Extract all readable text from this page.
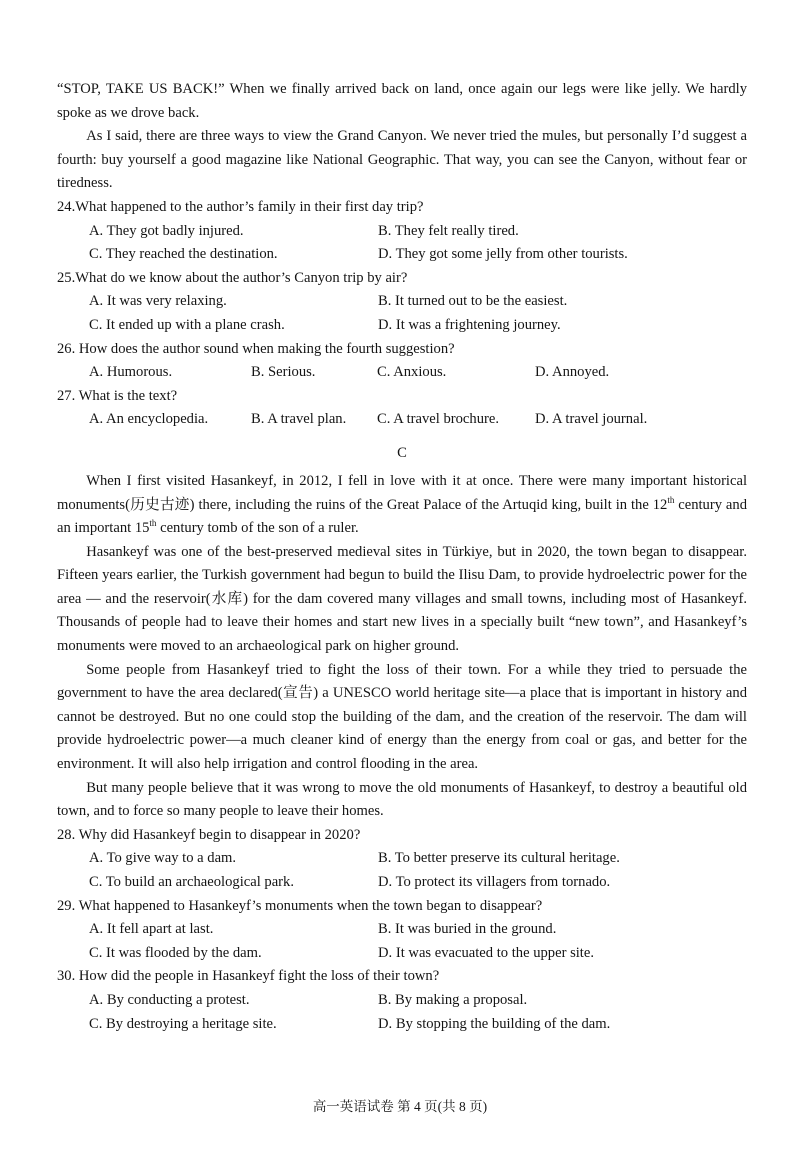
“STOP, TAKE US BACK!” When we finally arrived back on land, once again our legs were like jelly. We hardly spoke as we drove back.

As I said, there are three ways to view the Grand Canyon. We never tried the mules, but personally I’d suggest a fourth: buy yourself a good magazine like National Geographic. That way, you can see the Canyon, without fear or tiredness.

24.What happened to the author’s family in their first day trip?

A. They got badly injured.	B. They felt really tired.
C. They reached the destination.	D. They got some jelly from other tourists.

25.What do we know about the author’s Canyon trip by air?

A. It was very relaxing.	B. It turned out to be the easiest.
C. It ended up with a plane crash.	D. It was a frightening journey.

26. How does the author sound when making the fourth suggestion?

A. Humorous.	B. Serious.	C. Anxious.	D. Annoyed.

27. What is the text?

A. An encyclopedia.	B. A travel plan.	C. A travel brochure.	D. A travel journal.
C

When I first visited Hasankeyf, in 2012, I fell in love with it at once. There were many important historical monuments(历史古迹) there, including the ruins of the Great Palace of the Artuqid king, built in the 12th century and an important 15th century tomb of the son of a ruler.

Hasankeyf was one of the best-preserved medieval sites in Türkiye, but in 2020, the town began to disappear. Fifteen years earlier, the Turkish government had begun to build the Ilisu Dam, to provide hydroelectric power for the area — and the reservoir(水库) for the dam covered many villages and small towns, including most of Hasankeyf. Thousands of people had to leave their homes and start new lives in a specially built “new town”, and Hasankeyf’s monuments were moved to an archaeological park on higher ground.

Some people from Hasankeyf tried to fight the loss of their town. For a while they tried to persuade the government to have the area declared(宣告) a UNESCO world heritage site—a place that is important in history and cannot be destroyed. But no one could stop the building of the dam, and the creation of the reservoir. The dam will provide hydroelectric power—a much cleaner kind of energy than the energy from coal or gas, and better for the environment. It will also help irrigation and control flooding in the area.

But many people believe that it was wrong to move the old monuments of Hasankeyf, to destroy a beautiful old town, and to force so many people to leave their homes.

28. Why did Hasankeyf begin to disappear in 2020?

A. To give way to a dam.	B. To better preserve its cultural heritage.
C. To build an archaeological park.	D. To protect its villagers from tornado.

29. What happened to Hasankeyf’s monuments when the town began to disappear?

A. It fell apart at last.	B. It was buried in the ground.
C. It was flooded by the dam.	D. It was evacuated to the upper site.

30. How did the people in Hasankeyf fight the loss of their town?

A. By conducting a protest.	B. By making a proposal.
C. By destroying a heritage site.	D. By stopping the building of the dam.
高一英语试卷 第 4 页(共 8 页)
